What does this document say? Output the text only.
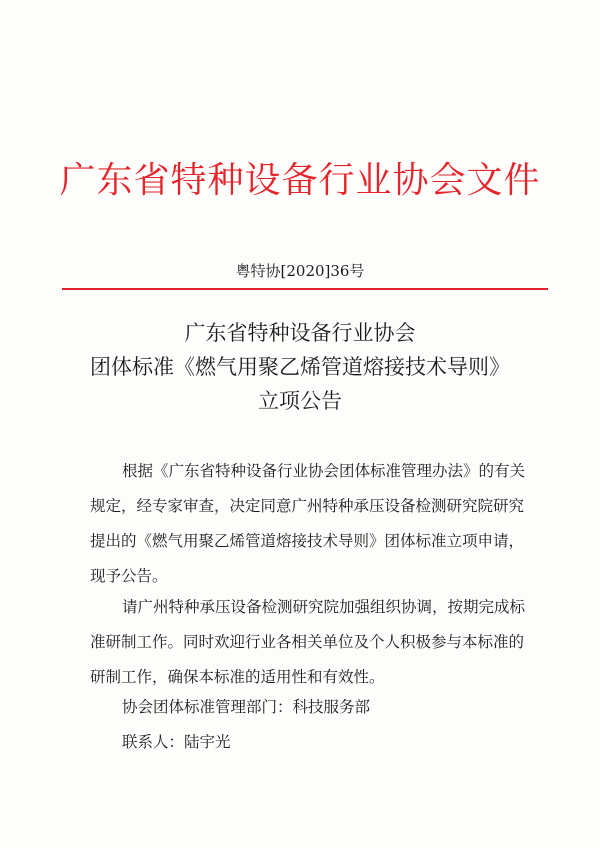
广东省特种设备行业协会文件
粤特协[2020]36号
广东省特种设备行业协会
团体标准《燃气用聚乙烯管道熔接技术导则》
立项公告
根据《广东省特种设备行业协会团体标准管理办法》的有关
规定，经专家审查，决定同意广州特种承压设备检测研究院研究
提出的《燃气用聚乙烯管道熔接技术导则》团体标准立项申请，
现予公告。
请广州特种承压设备检测研究院加强组织协调，按期完成标
准研制工作。同时欢迎行业各相关单位及个人积极参与本标准的
研制工作，确保本标准的适用性和有效性。
协会团体标准管理部门：科技服务部
联系人：陆宇光
